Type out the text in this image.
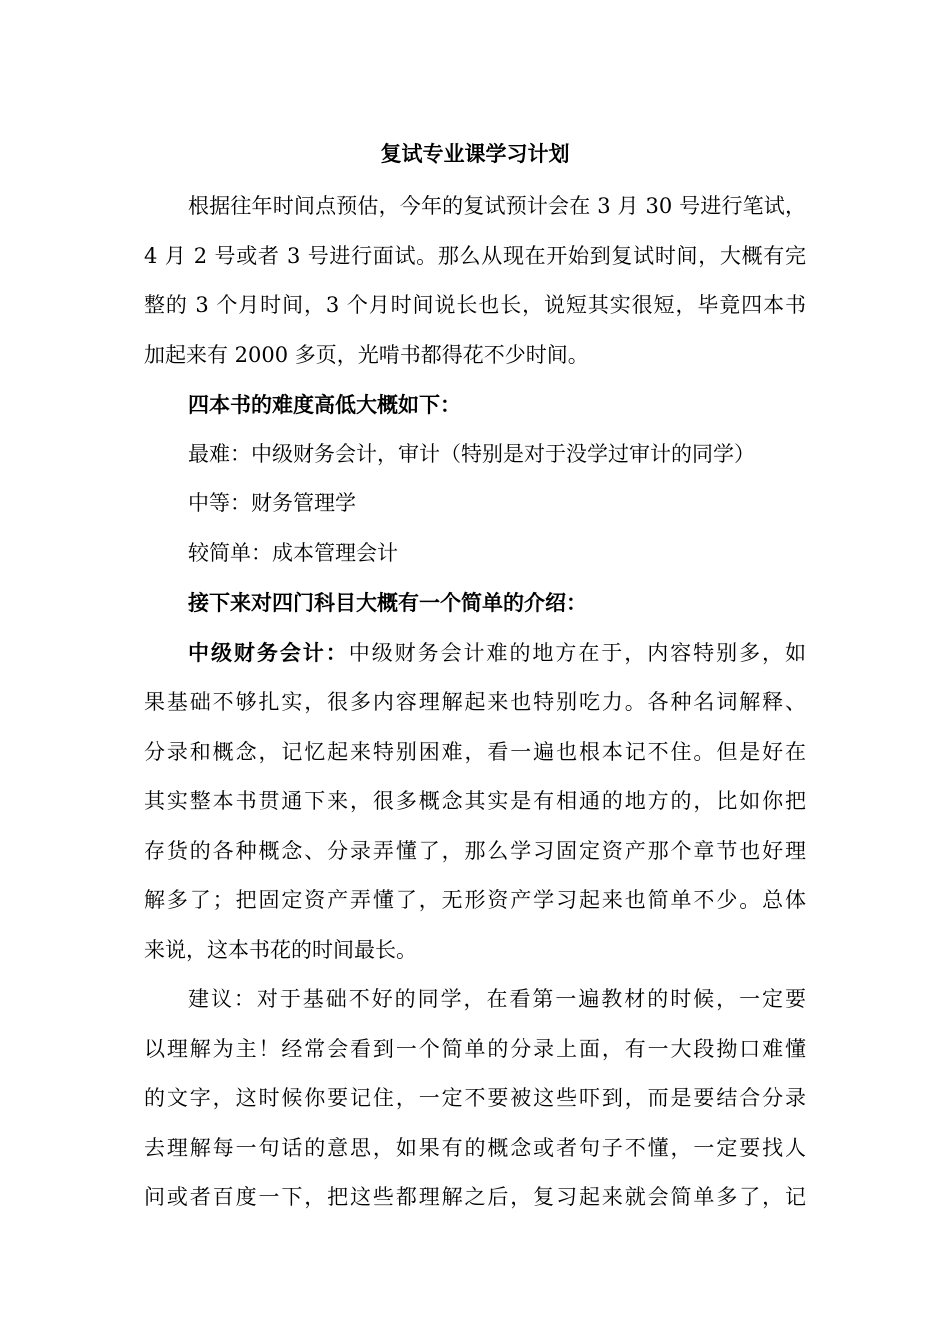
复试专业课学习计划
根据往年时间点预估，今年的复试预计会在 3 月 30 号进行笔试，
4 月 2 号或者 3 号进行面试。那么从现在开始到复试时间，大概有完
整的 3 个月时间，3 个月时间说长也长，说短其实很短，毕竟四本书
加起来有 2000 多页，光啃书都得花不少时间。
四本书的难度高低大概如下：
最难：中级财务会计，审计（特别是对于没学过审计的同学）
中等：财务管理学
较简单：成本管理会计
接下来对四门科目大概有一个简单的介绍：
中级财务会计：中级财务会计难的地方在于，内容特别多，如
果基础不够扎实，很多内容理解起来也特别吃力。各种名词解释、
分录和概念，记忆起来特别困难，看一遍也根本记不住。但是好在
其实整本书贯通下来，很多概念其实是有相通的地方的，比如你把
存货的各种概念、分录弄懂了，那么学习固定资产那个章节也好理
解多了；把固定资产弄懂了，无形资产学习起来也简单不少。总体
来说，这本书花的时间最长。
建议：对于基础不好的同学，在看第一遍教材的时候，一定要
以理解为主！经常会看到一个简单的分录上面，有一大段拗口难懂
的文字，这时候你要记住，一定不要被这些吓到，而是要结合分录
去理解每一句话的意思，如果有的概念或者句子不懂，一定要找人
问或者百度一下，把这些都理解之后，复习起来就会简单多了，记
